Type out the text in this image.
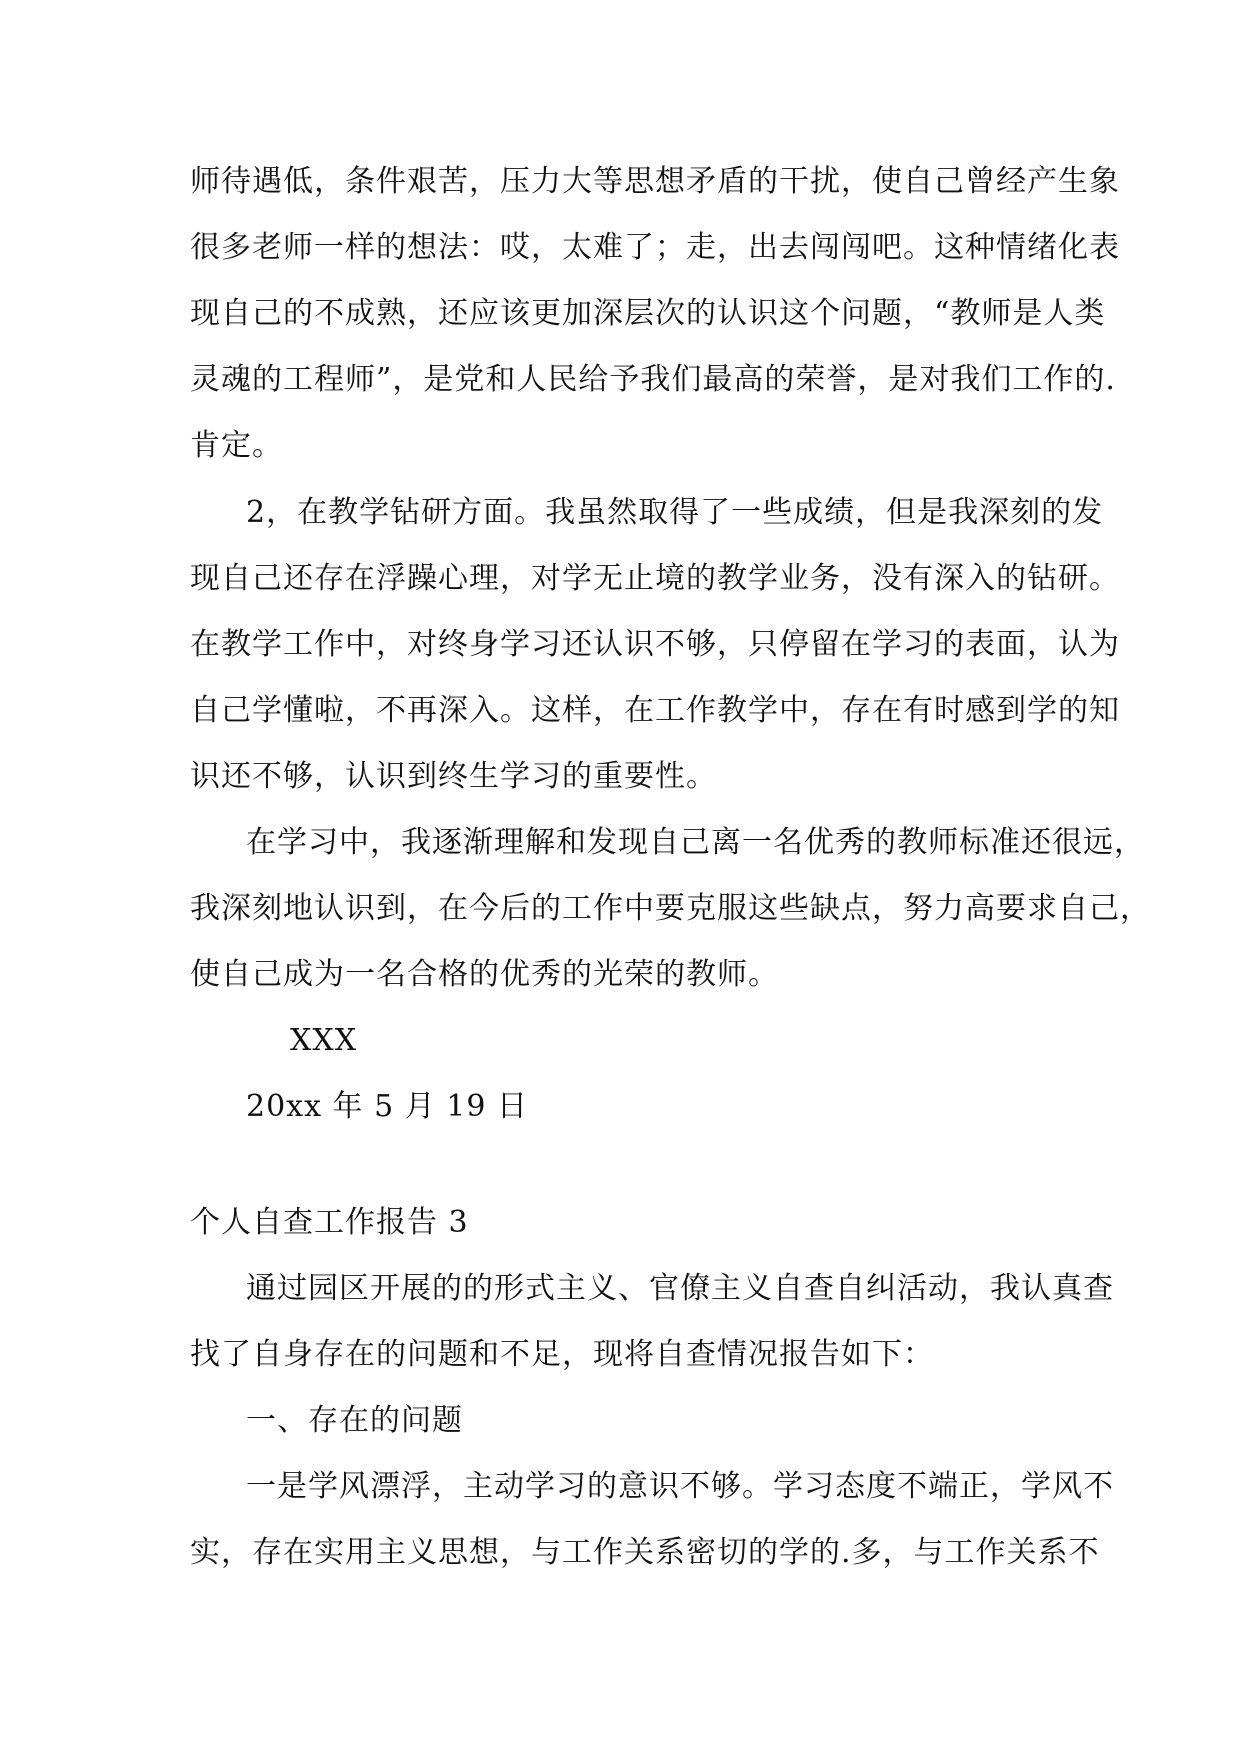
师待遇低，条件艰苦，压力大等思想矛盾的干扰，使自己曾经产生象
很多老师一样的想法：哎，太难了；走，出去闯闯吧。这种情绪化表
现自己的不成熟，还应该更加深层次的认识这个问题，“教师是人类
灵魂的工程师”，是党和人民给予我们最高的荣誉，是对我们工作的.
肯定。
2，在教学钻研方面。我虽然取得了一些成绩，但是我深刻的发
现自己还存在浮躁心理，对学无止境的教学业务，没有深入的钻研。
在教学工作中，对终身学习还认识不够，只停留在学习的表面，认为
自己学懂啦，不再深入。这样，在工作教学中，存在有时感到学的知
识还不够，认识到终生学习的重要性。
在学习中，我逐渐理解和发现自己离一名优秀的教师标准还很远，
我深刻地认识到，在今后的工作中要克服这些缺点，努力高要求自己，
使自己成为一名合格的优秀的光荣的教师。
XXX
20xx 年 5 月 19 日
个人自查工作报告 3
通过园区开展的的形式主义、官僚主义自查自纠活动，我认真查
找了自身存在的问题和不足，现将自查情况报告如下：
一、存在的问题
一是学风漂浮，主动学习的意识不够。学习态度不端正，学风不
实，存在实用主义思想，与工作关系密切的学的.多，与工作关系不
